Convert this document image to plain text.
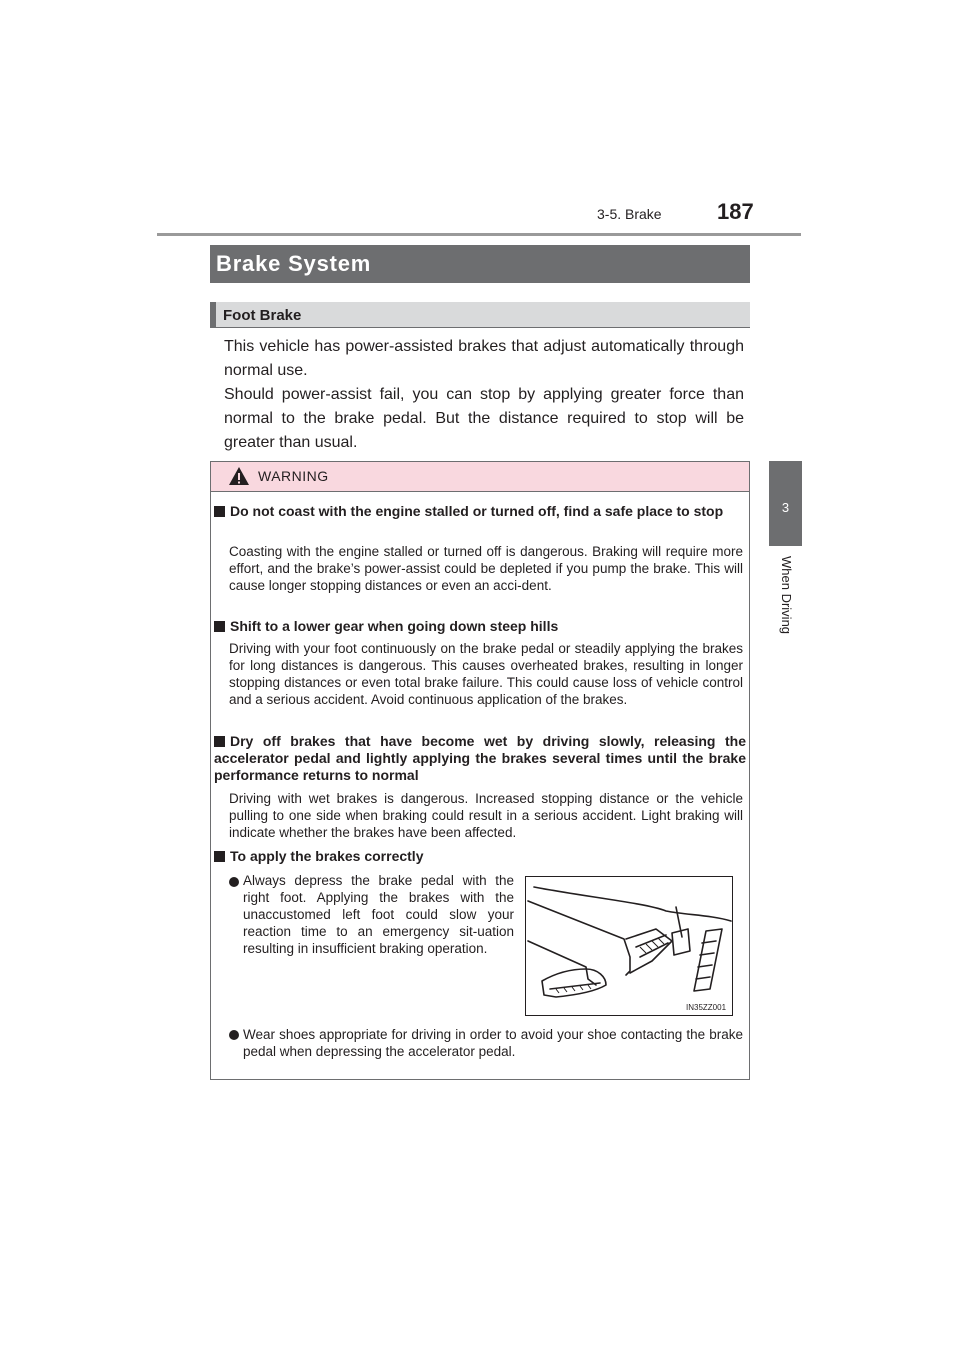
3-5. Brake	187
3
When Driving
Brake System
Foot Brake

This vehicle has power-assisted brakes that adjust automatically through normal use.

Should power-assist fail, you can stop by applying greater force than normal to the brake pedal. But the distance required to stop will be greater than usual.

WARNING
Do not coast with the engine stalled or turned off, find a safe place to stop
Coasting with the engine stalled or turned off is dangerous. Braking will require more effort, and the brake’s power-assist could be depleted if you pump the brake. This will cause longer stopping distances or even an acci-dent.
Shift to a lower gear when going down steep hills
Driving with your foot continuously on the brake pedal or steadily applying the brakes for long distances is dangerous. This causes overheated brakes, resulting in longer stopping distances or even total brake failure. This could cause loss of vehicle control and a serious accident. Avoid continuous application of the brakes.
Dry off brakes that have become wet by driving slowly, releasing the accelerator pedal and lightly applying the brakes several times until the brake performance returns to normal
Driving with wet brakes is dangerous. Increased stopping distance or the vehicle pulling to one side when braking could result in a serious accident. Light braking will indicate whether the brakes have been affected.
To apply the brakes correctly
Always depress the brake pedal with the right foot. Applying the brakes with the unaccustomed left foot could slow your reaction time to an emergency sit-uation resulting in insufficient braking operation.
IN35ZZ001
Wear shoes appropriate for driving in order to avoid your shoe contacting the brake pedal when depressing the accelerator pedal.
